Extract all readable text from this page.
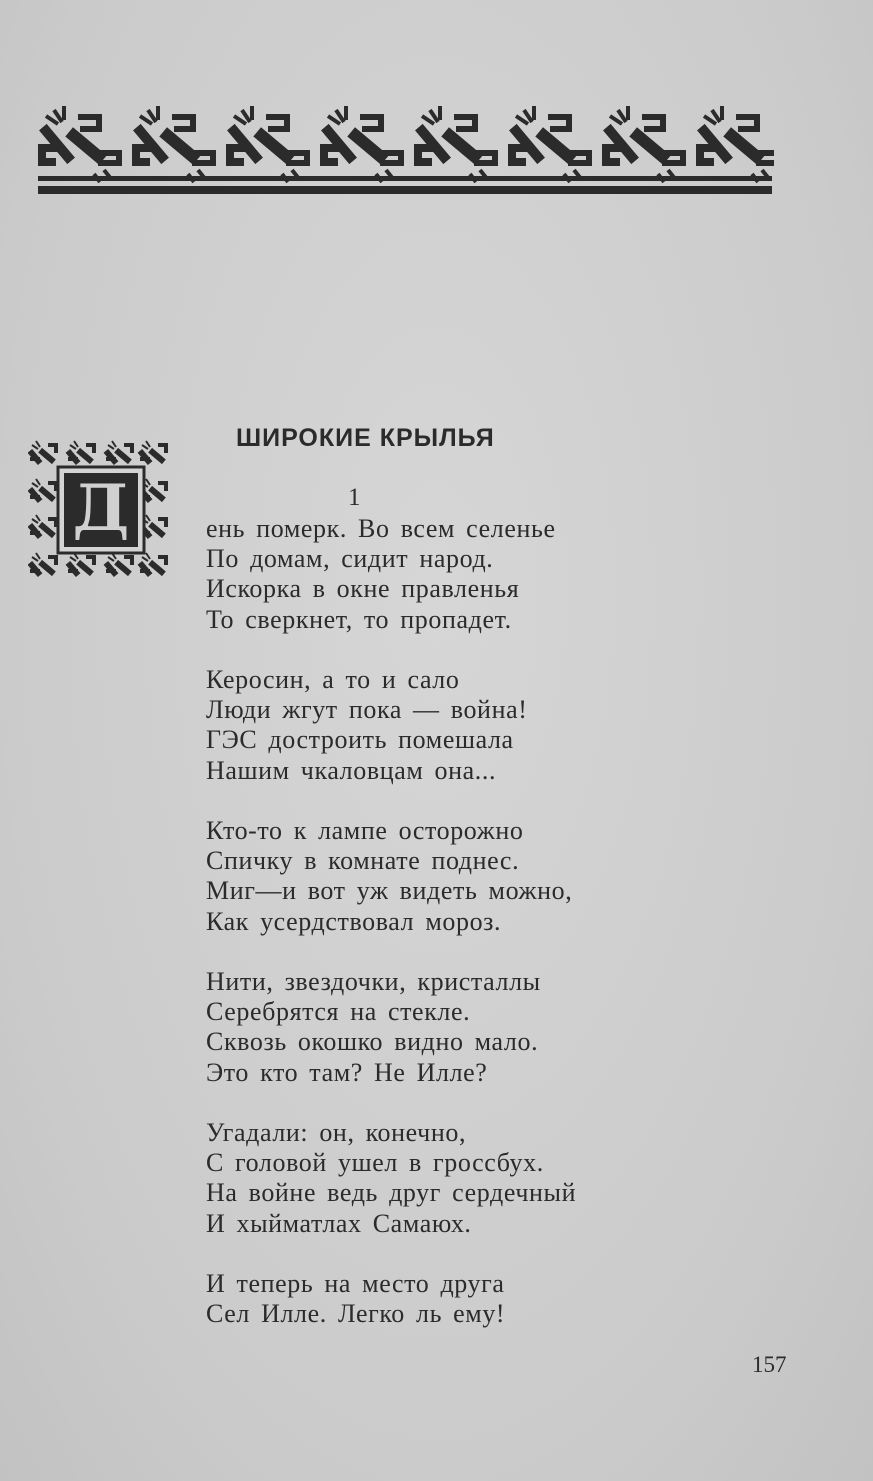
ШИРОКИЕ КРЫЛЬЯ
1
Д	ень померк. Во всем селенье
По домам, сидит народ.
Искорка в окне правленья
То сверкнет, то пропадет.
Керосин, а то и сало
Люди жгут пока — война!
ГЭС достроить помешала
Нашим чкаловцам она...
Кто-то к лампе осторожно
Спичку в комнате поднес.
Миг—и вот уж видеть можно,
Как усердствовал мороз.
Нити, звездочки, кристаллы
Серебрятся на стекле.
Сквозь окошко видно мало.
Это кто там? Не Илле?
Угадали: он, конечно,
С головой ушел в гроссбух.
На войне ведь друг сердечный
И хыйматлах Самаюх.
И теперь на место друга
Сел Илле. Легко ль ему!
157
